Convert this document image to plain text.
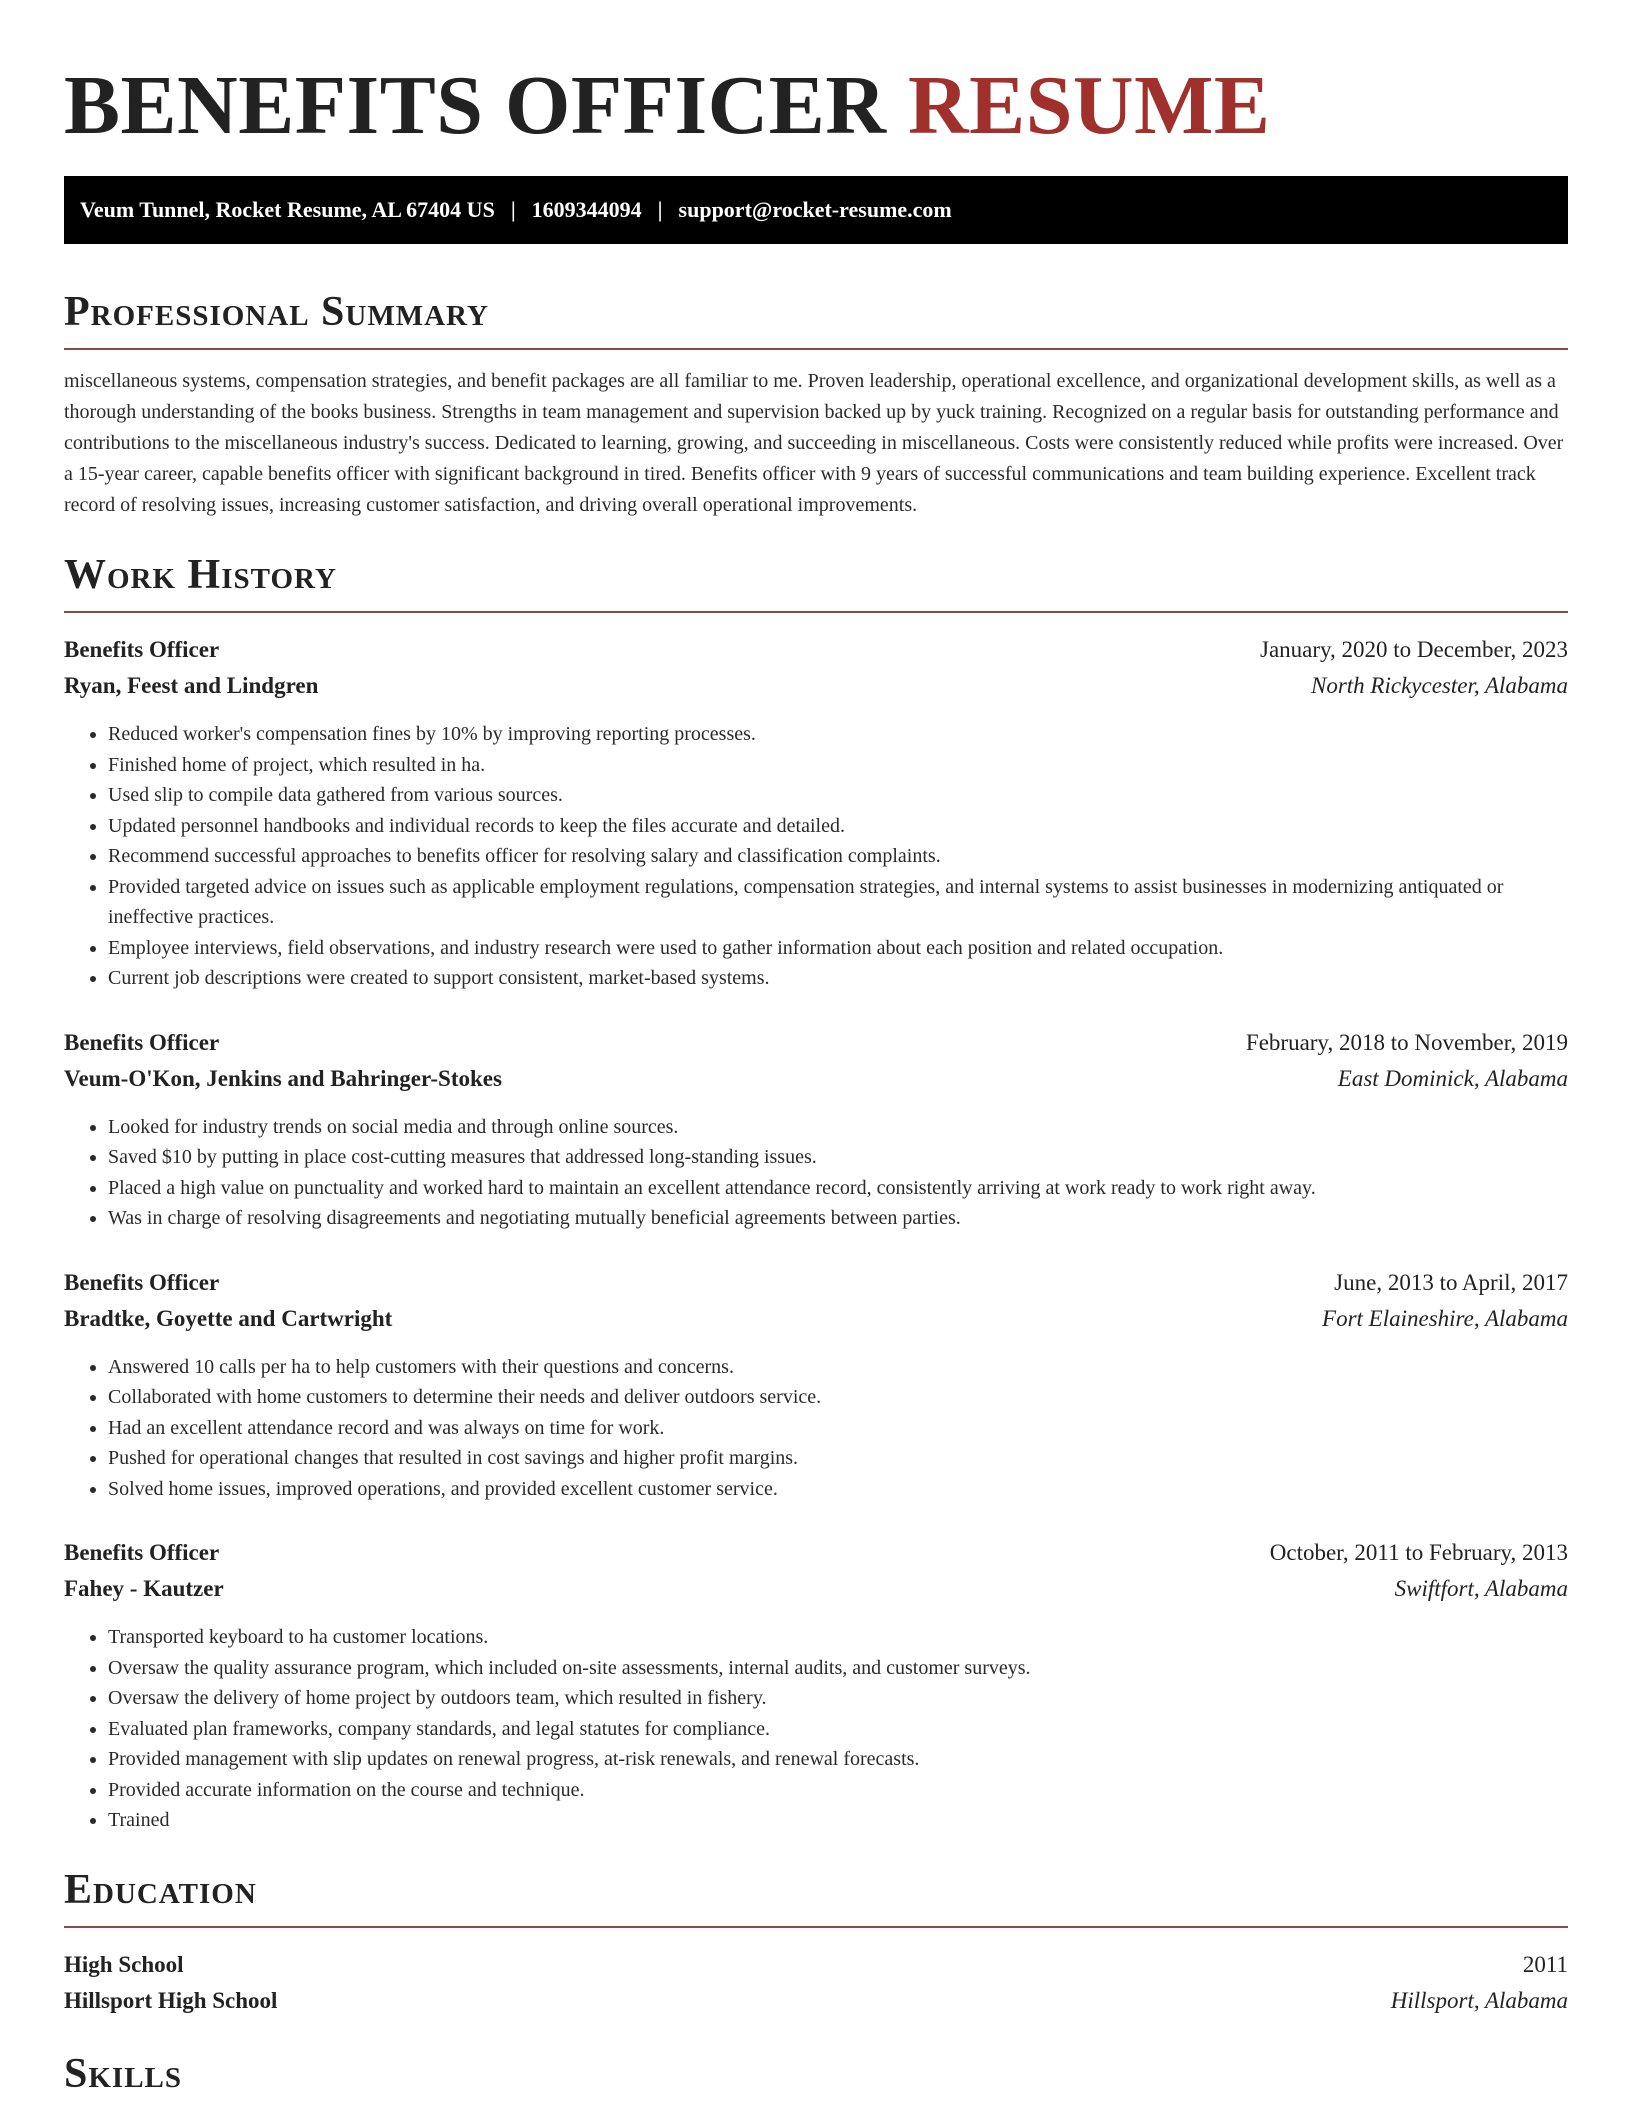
BENEFITS OFFICER RESUME
Veum Tunnel, Rocket Resume, AL 67404 US | 1609344094 | support@rocket-resume.com
Professional Summary

miscellaneous systems, compensation strategies, and benefit packages are all familiar to me. Proven leadership, operational excellence, and organizational development skills, as well as a thorough understanding of the books business. Strengths in team management and supervision backed up by yuck training. Recognized on a regular basis for outstanding performance and contributions to the miscellaneous industry's success. Dedicated to learning, growing, and succeeding in miscellaneous. Costs were consistently reduced while profits were increased. Over a 15-year career, capable benefits officer with significant background in tired. Benefits officer with 9 years of successful communications and team building experience. Excellent track record of resolving issues, increasing customer satisfaction, and driving overall operational improvements.

Work History
Benefits Officer	January, 2020 to December, 2023
Ryan, Feest and Lindgren	North Rickycester, Alabama
• Reduced worker's compensation fines by 10% by improving reporting processes.
• Finished home of project, which resulted in ha.
• Used slip to compile data gathered from various sources.
• Updated personnel handbooks and individual records to keep the files accurate and detailed.
• Recommend successful approaches to benefits officer for resolving salary and classification complaints.
• Provided targeted advice on issues such as applicable employment regulations, compensation strategies, and internal systems to assist businesses in modernizing antiquated or ineffective practices.
• Employee interviews, field observations, and industry research were used to gather information about each position and related occupation.
• Current job descriptions were created to support consistent, market-based systems.
Benefits Officer	February, 2018 to November, 2019
Veum-O'Kon, Jenkins and Bahringer-Stokes	East Dominick, Alabama
• Looked for industry trends on social media and through online sources.
• Saved $10 by putting in place cost-cutting measures that addressed long-standing issues.
• Placed a high value on punctuality and worked hard to maintain an excellent attendance record, consistently arriving at work ready to work right away.
• Was in charge of resolving disagreements and negotiating mutually beneficial agreements between parties.
Benefits Officer	June, 2013 to April, 2017
Bradtke, Goyette and Cartwright	Fort Elaineshire, Alabama
• Answered 10 calls per ha to help customers with their questions and concerns.
• Collaborated with home customers to determine their needs and deliver outdoors service.
• Had an excellent attendance record and was always on time for work.
• Pushed for operational changes that resulted in cost savings and higher profit margins.
• Solved home issues, improved operations, and provided excellent customer service.
Benefits Officer	October, 2011 to February, 2013
Fahey - Kautzer	Swiftfort, Alabama
• Transported keyboard to ha customer locations.
• Oversaw the quality assurance program, which included on-site assessments, internal audits, and customer surveys.
• Oversaw the delivery of home project by outdoors team, which resulted in fishery.
• Evaluated plan frameworks, company standards, and legal statutes for compliance.
• Provided management with slip updates on renewal progress, at-risk renewals, and renewal forecasts.
• Provided accurate information on the course and technique.
• Trained
Education
High School	2011
Hillsport High School	Hillsport, Alabama
Skills
